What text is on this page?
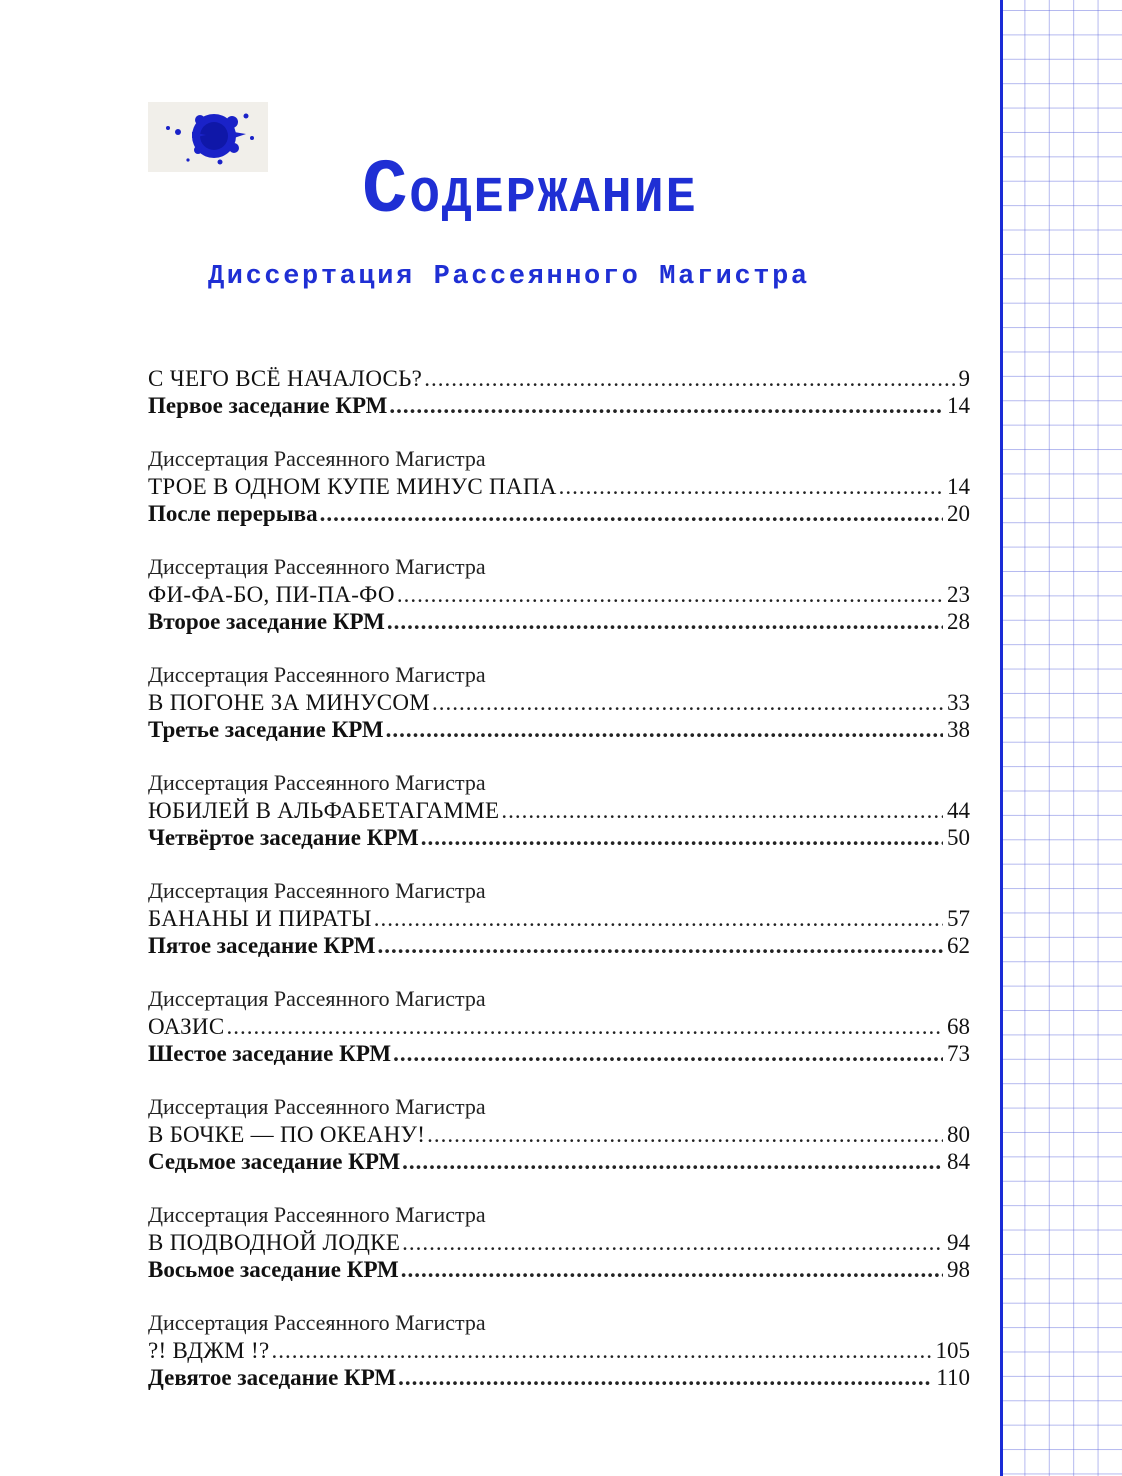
СОДЕРЖАНИЕ
Диссертация Рассеянного Магистра
С ЧЕГО ВСЁ НАЧАЛОСЬ? .....	9
Первое заседание КРМ .....	14
Диссертация Рассеянного Магистра
ТРОЕ В ОДНОМ КУПЕ МИНУС ПАПА .....	14
После перерыва .....	20
Диссертация Рассеянного Магистра
ФИ-ФА-БО, ПИ-ПА-ФО .....	23
Второе заседание КРМ .....	28
Диссертация Рассеянного Магистра
В ПОГОНЕ ЗА МИНУСОМ .....	33
Третье заседание КРМ .....	38
Диссертация Рассеянного Магистра
ЮБИЛЕЙ В АЛЬФАБЕТАГАММЕ .....	44
Четвёртое заседание КРМ .....	50
Диссертация Рассеянного Магистра
БАНАНЫ И ПИРАТЫ .....	57
Пятое заседание КРМ .....	62
Диссертация Рассеянного Магистра
ОАЗИС .....	68
Шестое заседание КРМ .....	73
Диссертация Рассеянного Магистра
В БОЧКЕ — ПО ОКЕАНУ! .....	80
Седьмое заседание КРМ .....	84
Диссертация Рассеянного Магистра
В ПОДВОДНОЙ ЛОДКЕ .....	94
Восьмое заседание КРМ .....	98
Диссертация Рассеянного Магистра
?! ВДЖМ !? .....	105
Девятое заседание КРМ .....	110
